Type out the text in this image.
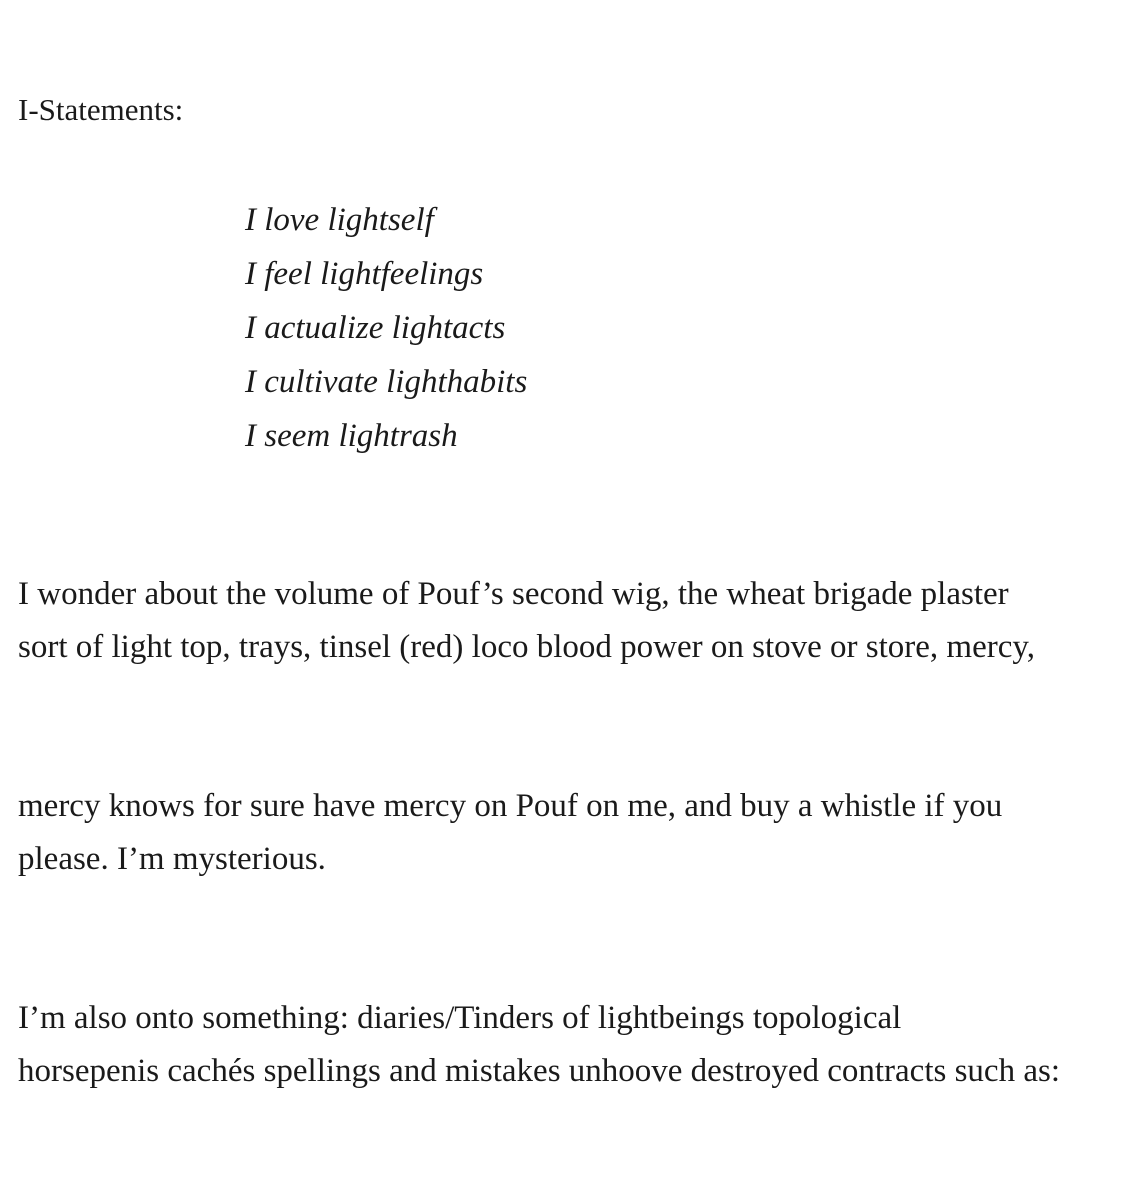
I-Statements:

I love lightself
I feel lightfeelings
I actualize lightacts
I cultivate lighthabits
I seem lightrash

I wonder about the volume of Pouf’s second wig, the wheat brigade plaster
sort of light top, trays, tinsel (red) loco blood power on stove or store, mercy,

mercy knows for sure have mercy on Pouf on me, and buy a whistle if you
please. I’m mysterious.

I’m also onto something: diaries/Tinders of lightbeings topological
horsepenis cachés spellings and mistakes unhoove destroyed contracts such as:
